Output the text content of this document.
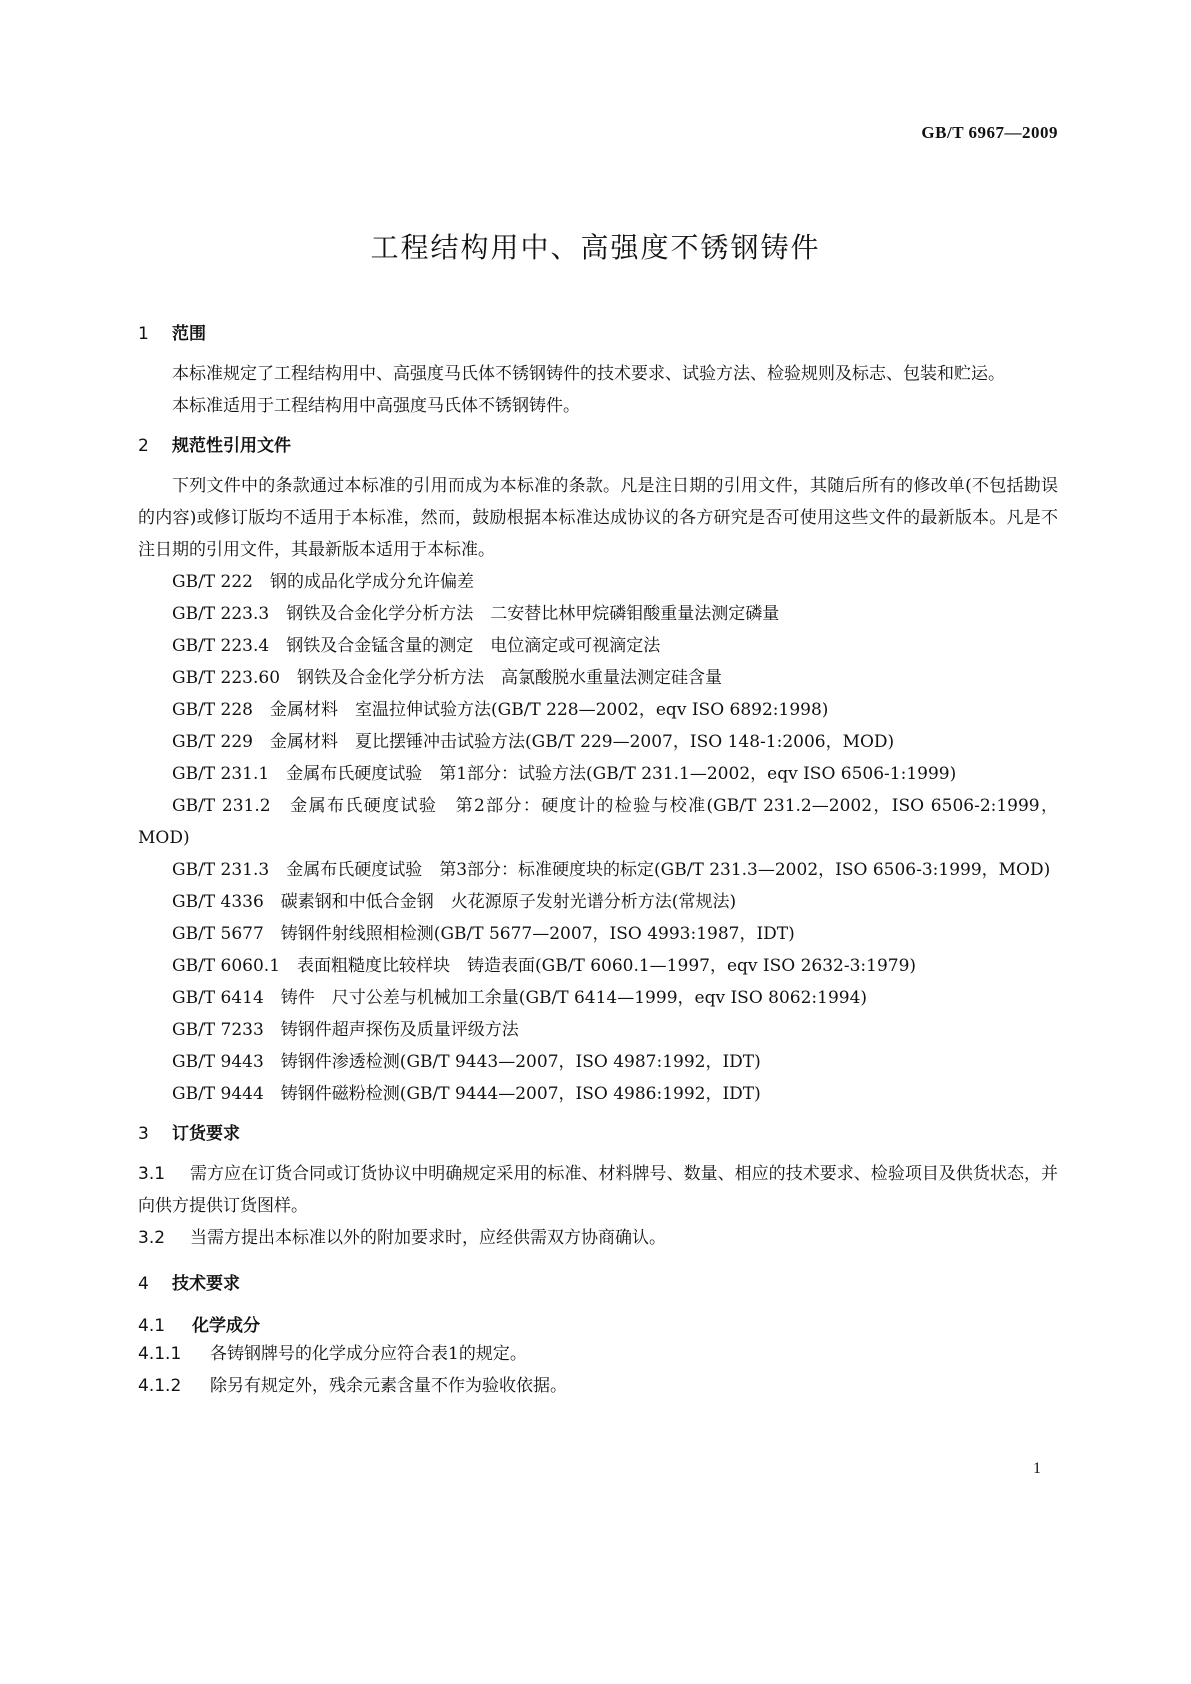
GB/T 6967—2009
工程结构用中、高强度不锈钢铸件

1 范围

本标准规定了工程结构用中、高强度马氏体不锈钢铸件的技术要求、试验方法、检验规则及标志、包装和贮运。

本标准适用于工程结构用中高强度马氏体不锈钢铸件。

2 规范性引用文件

下列文件中的条款通过本标准的引用而成为本标准的条款。凡是注日期的引用文件，其随后所有的修改单(不包括勘误的内容)或修订版均不适用于本标准，然而，鼓励根据本标准达成协议的各方研究是否可使用这些文件的最新版本。凡是不注日期的引用文件，其最新版本适用于本标准。

GB/T 222　钢的成品化学成分允许偏差

GB/T 223.3　钢铁及合金化学分析方法　二安替比林甲烷磷钼酸重量法测定磷量

GB/T 223.4　钢铁及合金锰含量的测定　电位滴定或可视滴定法

GB/T 223.60　钢铁及合金化学分析方法　高氯酸脱水重量法测定硅含量

GB/T 228　金属材料　室温拉伸试验方法(GB/T 228—2002，eqv ISO 6892:1998)

GB/T 229　金属材料　夏比摆锤冲击试验方法(GB/T 229—2007，ISO 148-1:2006，MOD)

GB/T 231.1　金属布氏硬度试验　第1部分：试验方法(GB/T 231.1—2002，eqv ISO 6506-1:1999)

GB/T 231.2　金属布氏硬度试验　第2部分：硬度计的检验与校准(GB/T 231.2—2002，ISO 6506-2:1999，MOD)

GB/T 231.3　金属布氏硬度试验　第3部分：标准硬度块的标定(GB/T 231.3—2002，ISO 6506-3:1999，MOD)

GB/T 4336　碳素钢和中低合金钢　火花源原子发射光谱分析方法(常规法)

GB/T 5677　铸钢件射线照相检测(GB/T 5677—2007，ISO 4993:1987，IDT)

GB/T 6060.1　表面粗糙度比较样块　铸造表面(GB/T 6060.1—1997，eqv ISO 2632-3:1979)

GB/T 6414　铸件　尺寸公差与机械加工余量(GB/T 6414—1999，eqv ISO 8062:1994)

GB/T 7233　铸钢件超声探伤及质量评级方法

GB/T 9443　铸钢件渗透检测(GB/T 9443—2007，ISO 4987:1992，IDT)

GB/T 9444　铸钢件磁粉检测(GB/T 9444—2007，ISO 4986:1992，IDT)

3 订货要求

3.1 需方应在订货合同或订货协议中明确规定采用的标准、材料牌号、数量、相应的技术要求、检验项目及供货状态，并向供方提供订货图样。

3.2 当需方提出本标准以外的附加要求时，应经供需双方协商确认。

4 技术要求

4.1 化学成分

4.1.1 各铸钢牌号的化学成分应符合表1的规定。

4.1.2 除另有规定外，残余元素含量不作为验收依据。

1
